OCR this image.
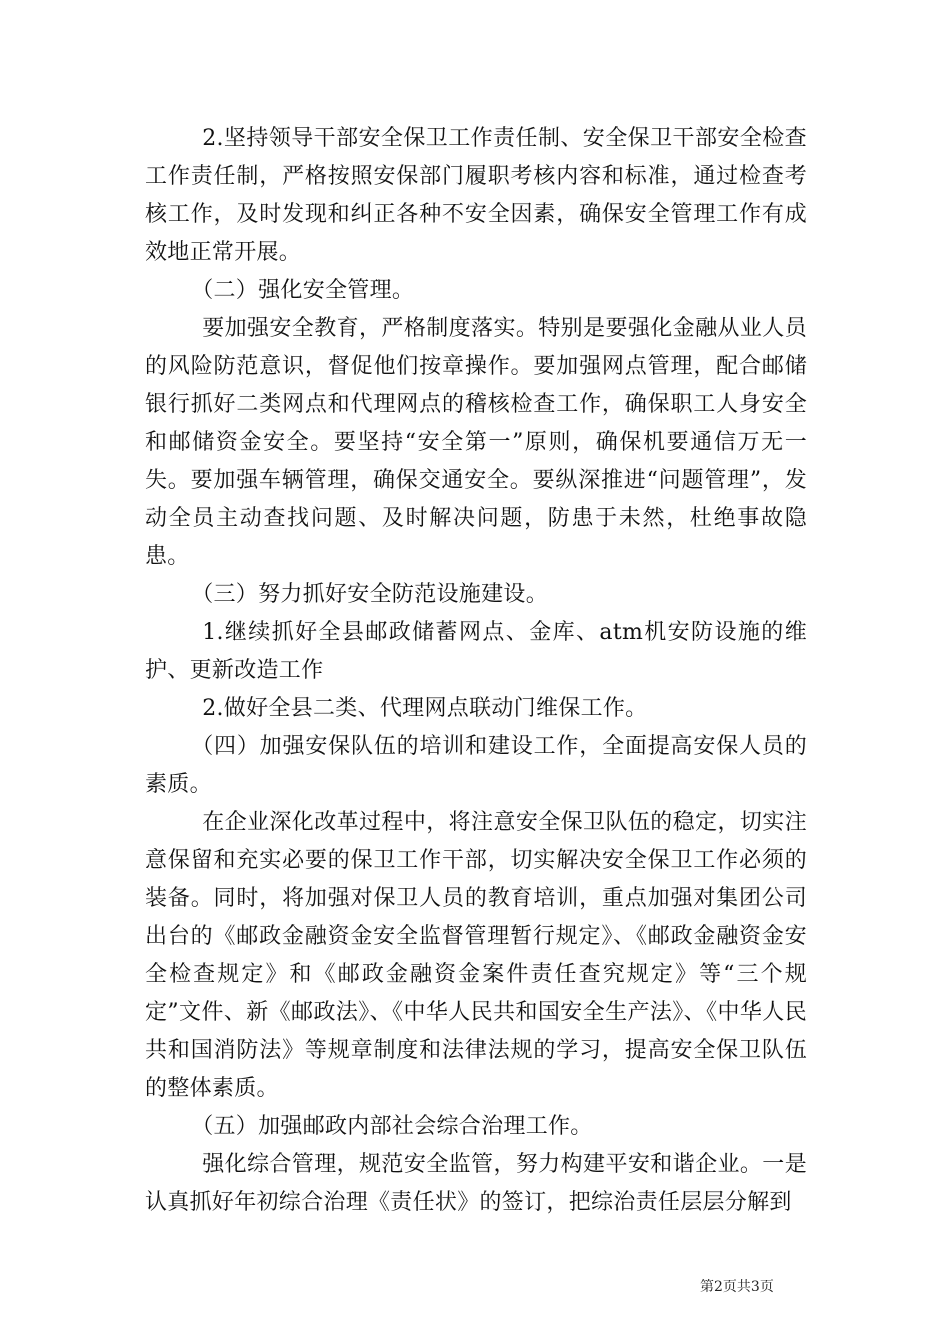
2.坚持领导干部安全保卫工作责任制、安全保卫干部安全检查工作责任制，严格按照安保部门履职考核内容和标准，通过检查考核工作，及时发现和纠正各种不安全因素，确保安全管理工作有成效地正常开展。

（二）强化安全管理。

要加强安全教育，严格制度落实。特别是要强化金融从业人员的风险防范意识，督促他们按章操作。要加强网点管理，配合邮储银行抓好二类网点和代理网点的稽核检查工作，确保职工人身安全和邮储资金安全。要坚持“安全第一”原则，确保机要通信万无一失。要加强车辆管理，确保交通安全。要纵深推进“问题管理”，发动全员主动查找问题、及时解决问题，防患于未然，杜绝事故隐患。

（三）努力抓好安全防范设施建设。

1.继续抓好全县邮政储蓄网点、金库、atm机安防设施的维护、更新改造工作

2.做好全县二类、代理网点联动门维保工作。

（四）加强安保队伍的培训和建设工作，全面提高安保人员的素质。

在企业深化改革过程中，将注意安全保卫队伍的稳定，切实注意保留和充实必要的保卫工作干部，切实解决安全保卫工作必须的装备。同时，将加强对保卫人员的教育培训，重点加强对集团公司出台的《邮政金融资金安全监督管理暂行规定》、《邮政金融资金安全检查规定》和《邮政金融资金案件责任查究规定》等“三个规定”文件、新《邮政法》、《中华人民共和国安全生产法》、《中华人民共和国消防法》等规章制度和法律法规的学习，提高安全保卫队伍的整体素质。

（五）加强邮政内部社会综合治理工作。

强化综合管理，规范安全监管，努力构建平安和谐企业。一是认真抓好年初综合治理《责任状》的签订，把综治责任层层分解到

第2页共3页
